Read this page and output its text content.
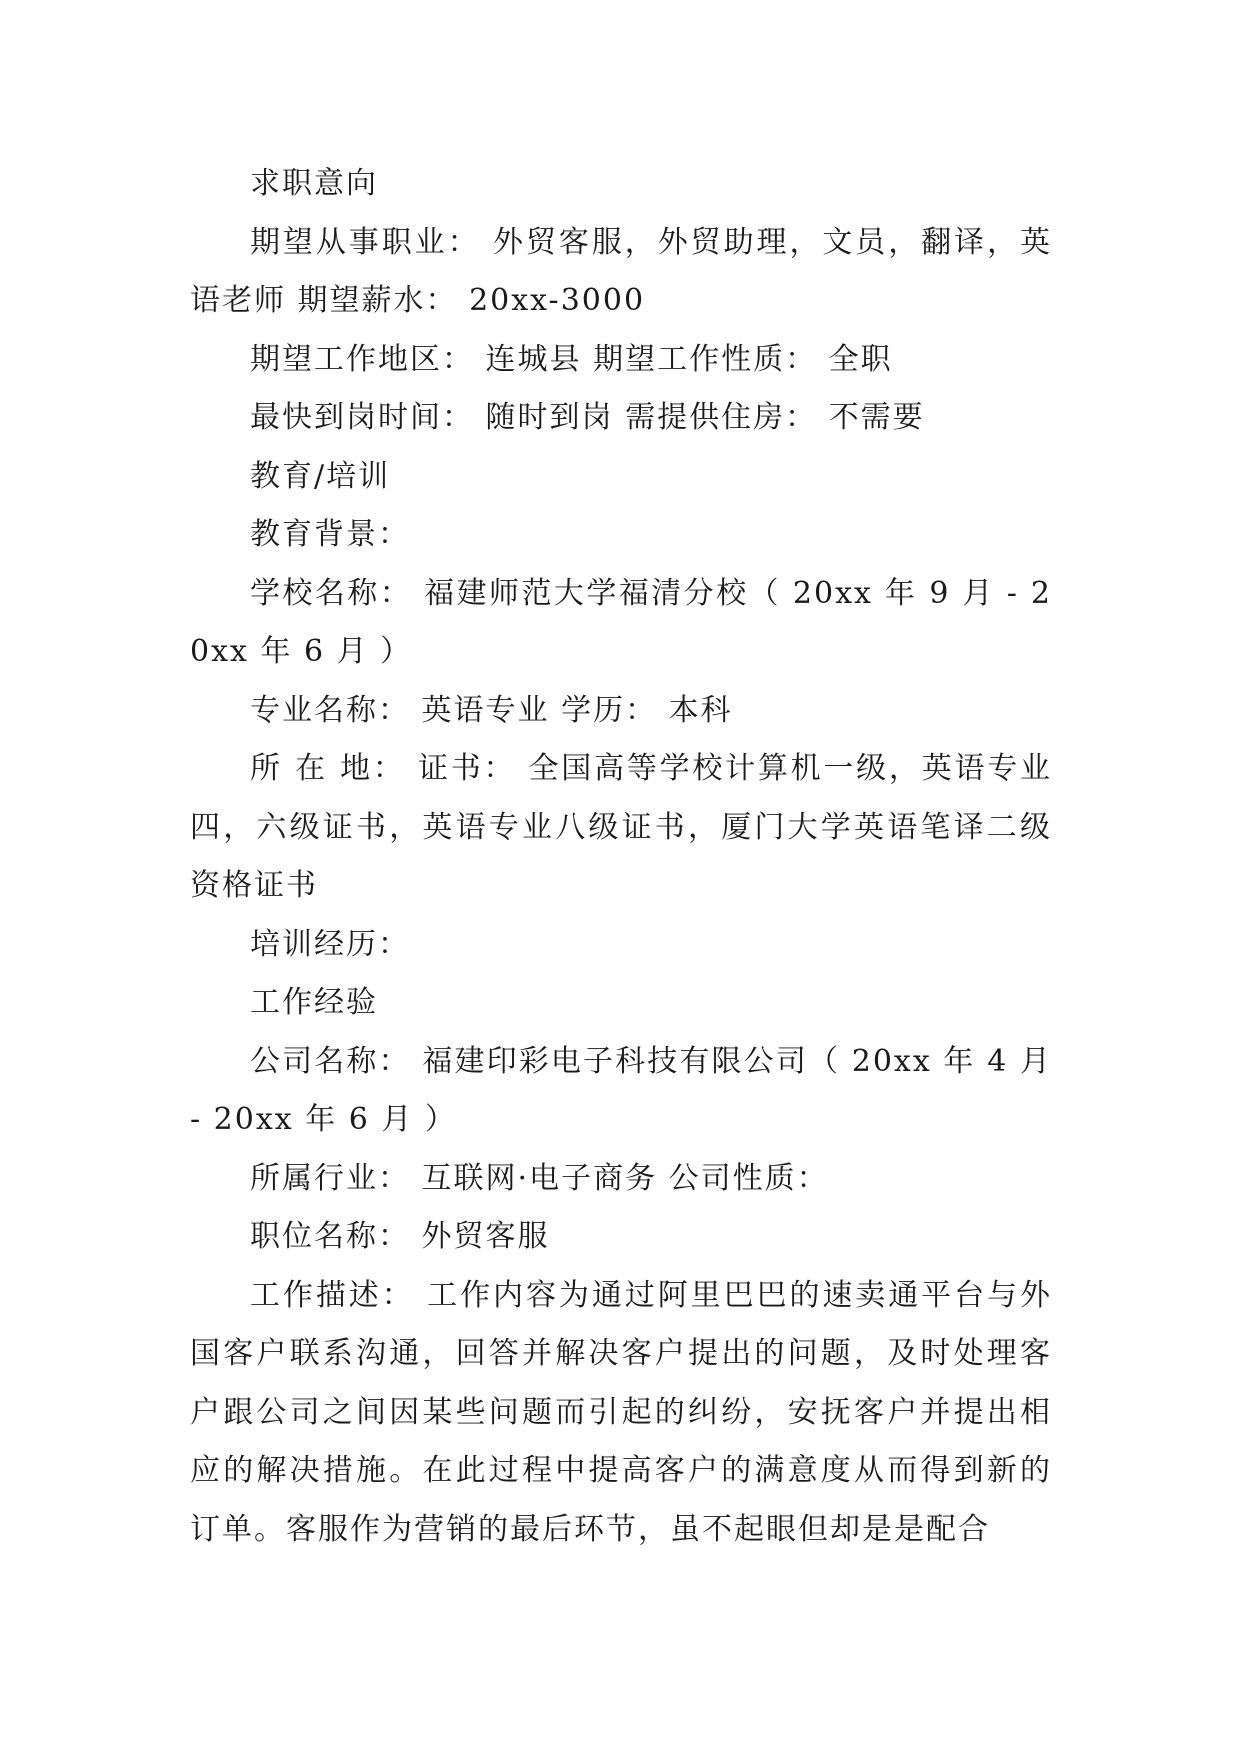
求职意向

期望从事职业： 外贸客服，外贸助理，文员，翻译，英语老师 期望薪水： 20xx-3000

期望工作地区： 连城县 期望工作性质： 全职

最快到岗时间： 随时到岗 需提供住房： 不需要

教育/培训

教育背景：

学校名称： 福建师范大学福清分校（ 20xx 年 9 月 - 20xx 年 6 月 ）

专业名称： 英语专业 学历： 本科

所 在 地： 证书： 全国高等学校计算机一级，英语专业四，六级证书，英语专业八级证书，厦门大学英语笔译二级资格证书

培训经历：

工作经验

公司名称： 福建印彩电子科技有限公司（ 20xx 年 4 月 - 20xx 年 6 月 ）

所属行业： 互联网·电子商务 公司性质：

职位名称： 外贸客服

工作描述： 工作内容为通过阿里巴巴的速卖通平台与外国客户联系沟通，回答并解决客户提出的问题，及时处理客户跟公司之间因某些问题而引起的纠纷，安抚客户并提出相应的解决措施。在此过程中提高客户的满意度从而得到新的订单。客服作为营销的最后环节，虽不起眼但却是是配合
